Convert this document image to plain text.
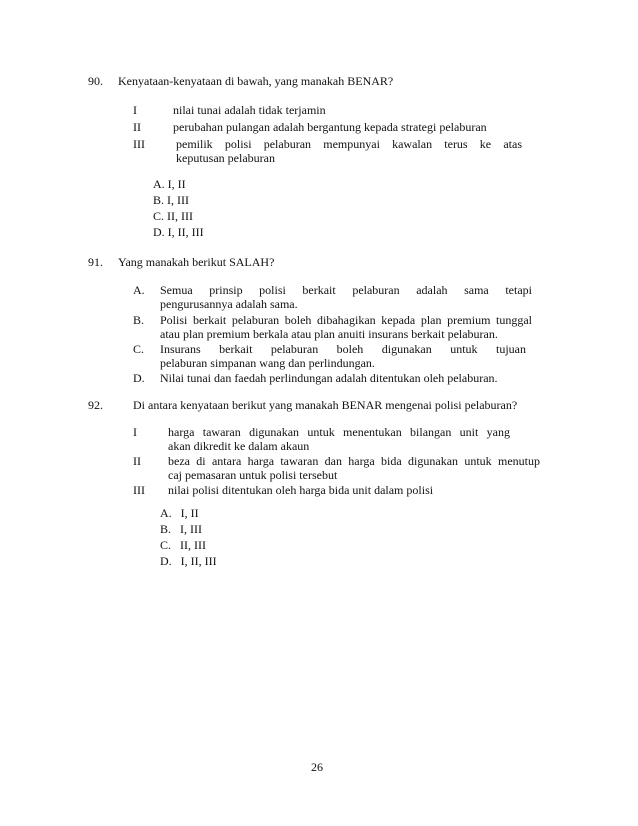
90. Kenyataan-kenyataan di bawah, yang manakah BENAR?
I	nilai tunai adalah tidak terjamin
II	perubahan pulangan adalah bergantung kepada strategi pelaburan
III	pemilik polisi pelaburan mempunyai kawalan terus ke atas
keputusan pelaburan
A. I, II
B. I, III
C. II, III
D. I, II, III
91. Yang manakah berikut SALAH?
A. Semua prinsip polisi berkait pelaburan adalah sama tetapi
pengurusannya adalah sama.
B. Polisi berkait pelaburan boleh dibahagikan kepada plan premium tunggal
atau plan premium berkala atau plan anuiti insurans berkait pelaburan.
C. Insurans berkait pelaburan boleh digunakan untuk tujuan
pelaburan simpanan wang dan perlindungan.
D. Nilai tunai dan faedah perlindungan adalah ditentukan oleh pelaburan.
92.	Di antara kenyataan berikut yang manakah BENAR mengenai polisi pelaburan?
I	harga tawaran digunakan untuk menentukan bilangan unit yang
akan dikredit ke dalam akaun
II beza di antara harga tawaran dan harga bida digunakan untuk menutup
caj pemasaran untuk polisi tersebut
III nilai polisi ditentukan oleh harga bida unit dalam polisi
A.   I, II
B.   I, III
C.   II, III
D.   I, II, III
26
